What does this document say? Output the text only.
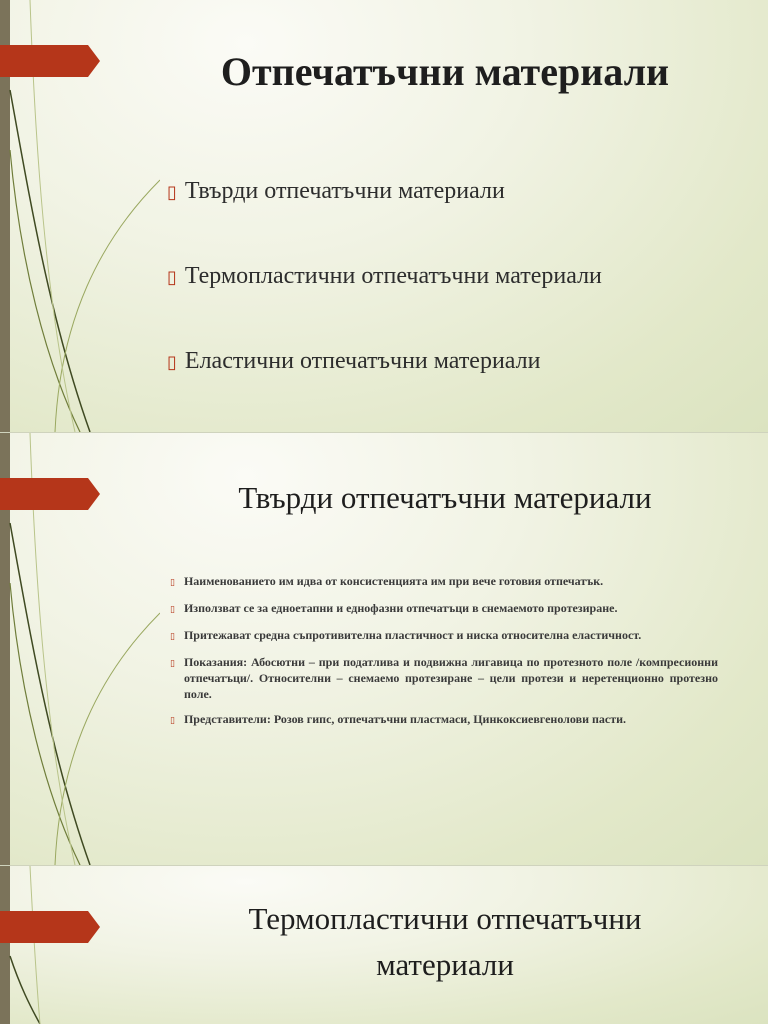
Отпечатъчни материали
▯ Твърди отпечатъчни материали
▯ Термопластични отпечатъчни материали
▯ Еластични отпечатъчни материали
Твърди отпечатъчни материали
▯ Наименованието им идва от консистенцията им при вече готовия отпечатък.
▯ Използват се за едноетапни и еднофазни отпечатъци в снемаемото протезиране.
▯ Притежават средна съпротивителна пластичност и ниска относителна еластичност.
▯ Показания: Абосютни – при податлива и подвижна лигавица по протезното поле /компресионни отпечатъци/. Относителни – снемаемо протезиране – цели протези и неретенционно протезно поле.
▯ Представители: Розов гипс, отпечатъчни пластмаси, Цинкоксиевгенолови пасти.
Термопластични отпечатъчни
материали
